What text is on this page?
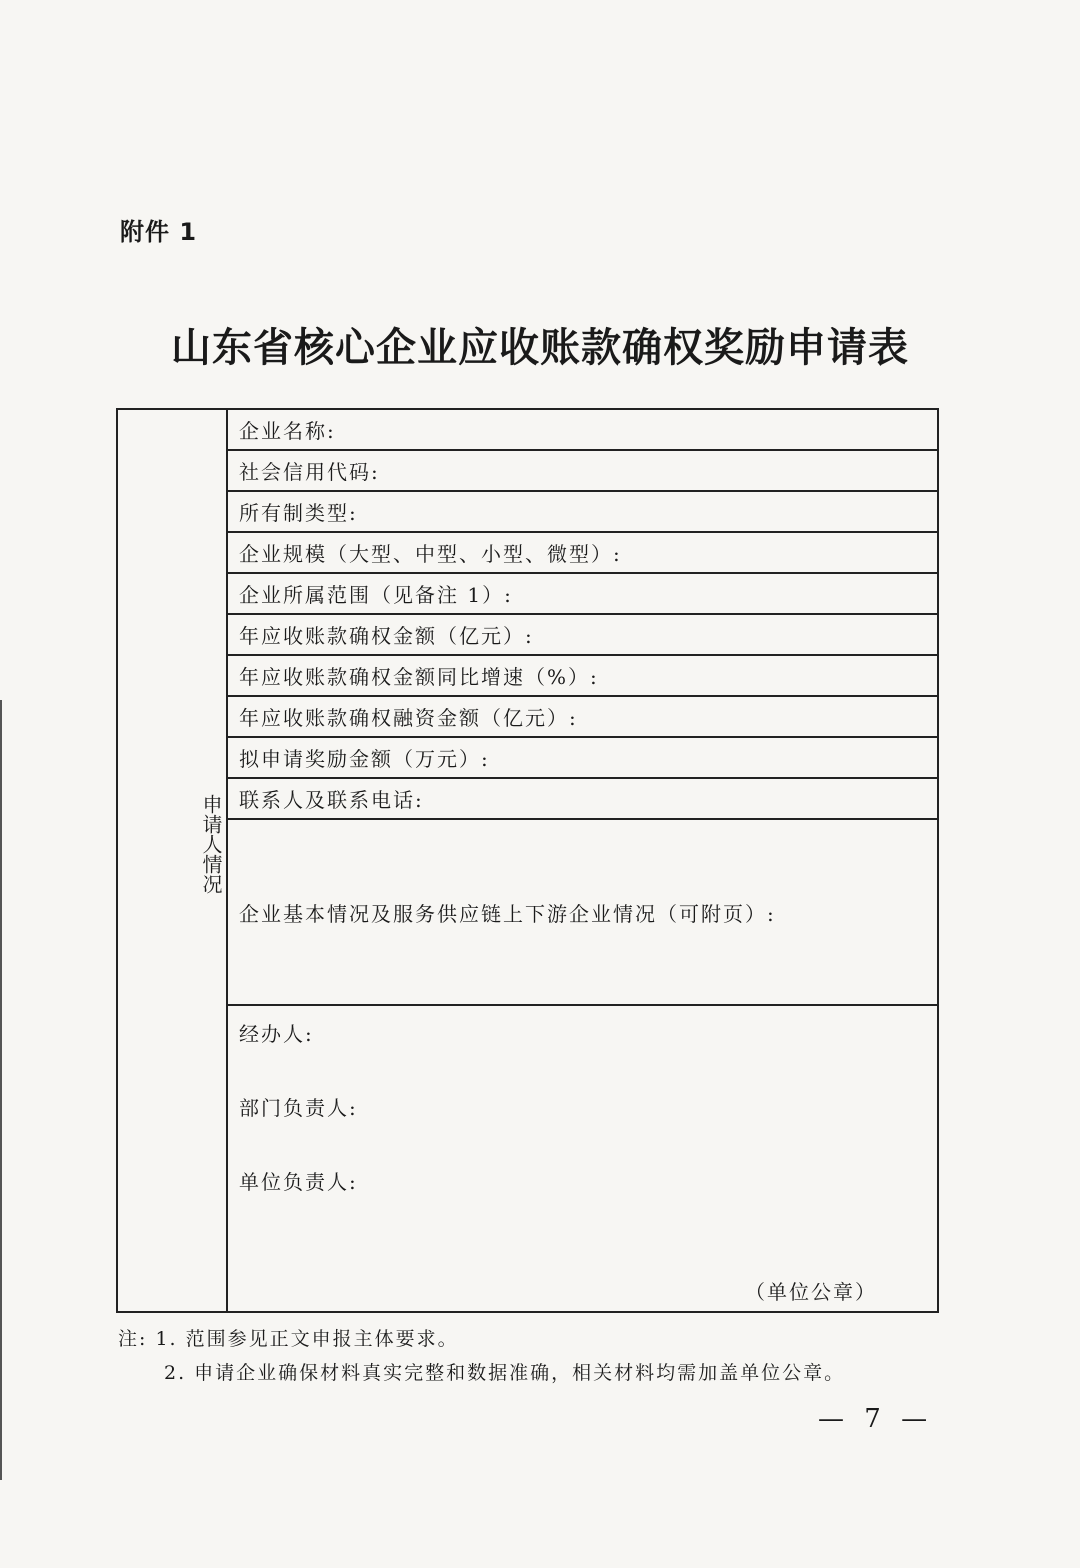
附件 1
山东省核心企业应收账款确权奖励申请表
申请人情况
企业名称:
社会信用代码:
所有制类型:
企业规模（大型、中型、小型、微型）:
企业所属范围（见备注 1）:
年应收账款确权金额（亿元）:
年应收账款确权金额同比增速（%）:
年应收账款确权融资金额（亿元）:
拟申请奖励金额（万元）:
联系人及联系电话:
企业基本情况及服务供应链上下游企业情况（可附页）:
经办人:
部门负责人:
单位负责人:
（单位公章）
注: 1. 范围参见正文申报主体要求。
2. 申请企业确保材料真实完整和数据准确，相关材料均需加盖单位公章。
— 7 —
